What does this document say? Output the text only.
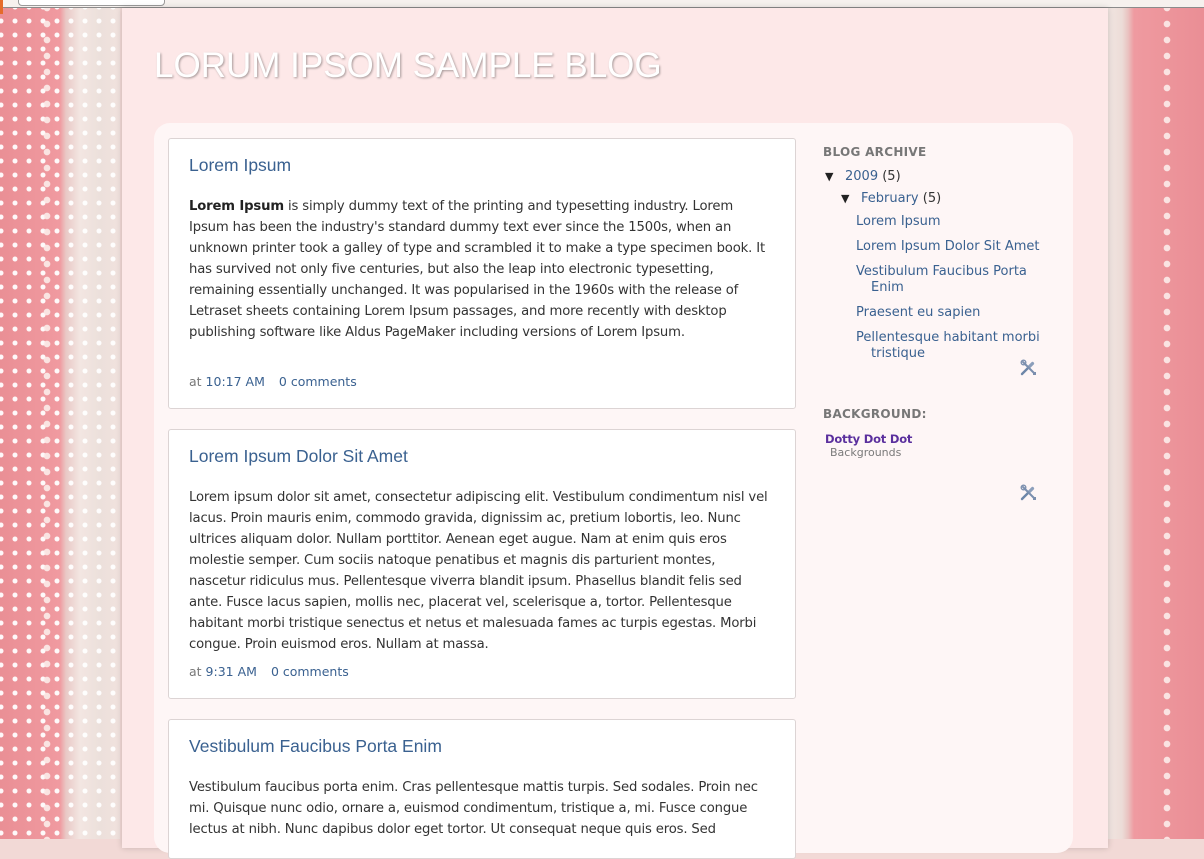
LORUM IPSOM SAMPLE BLOG
Lorem Ipsum
Lorem Ipsum is simply dummy text of the printing and typesetting industry. Lorem Ipsum has been the industry's standard dummy text ever since the 1500s, when an unknown printer took a galley of type and scrambled it to make a type specimen book. It has survived not only five centuries, but also the leap into electronic typesetting, remaining essentially unchanged. It was popularised in the 1960s with the release of Letraset sheets containing Lorem Ipsum passages, and more recently with desktop publishing software like Aldus PageMaker including versions of Lorem Ipsum.
at 10:17 AM 0 comments
Lorem Ipsum Dolor Sit Amet
Lorem ipsum dolor sit amet, consectetur adipiscing elit. Vestibulum condimentum nisl vel lacus. Proin mauris enim, commodo gravida, dignissim ac, pretium lobortis, leo. Nunc ultrices aliquam dolor. Nullam porttitor. Aenean eget augue. Nam at enim quis eros molestie semper. Cum sociis natoque penatibus et magnis dis parturient montes, nascetur ridiculus mus. Pellentesque viverra blandit ipsum. Phasellus blandit felis sed ante. Fusce lacus sapien, mollis nec, placerat vel, scelerisque a, tortor. Pellentesque habitant morbi tristique senectus et netus et malesuada fames ac turpis egestas. Morbi congue. Proin euismod eros. Nullam at massa.
at 9:31 AM 0 comments
Vestibulum Faucibus Porta Enim
Vestibulum faucibus porta enim. Cras pellentesque mattis turpis. Sed sodales. Proin nec mi. Quisque nunc odio, ornare a, euismod condimentum, tristique a, mi. Fusce congue lectus at nibh. Nunc dapibus dolor eget tortor. Ut consequat neque quis eros. Sed
BLOG ARCHIVE
▼ 2009 (5)
▼ February (5)
Lorem Ipsum
Lorem Ipsum Dolor Sit Amet
Vestibulum Faucibus Porta
Enim
Praesent eu sapien
Pellentesque habitant morbi
tristique
BACKGROUND:
Dotty Dot Dot
Backgrounds
